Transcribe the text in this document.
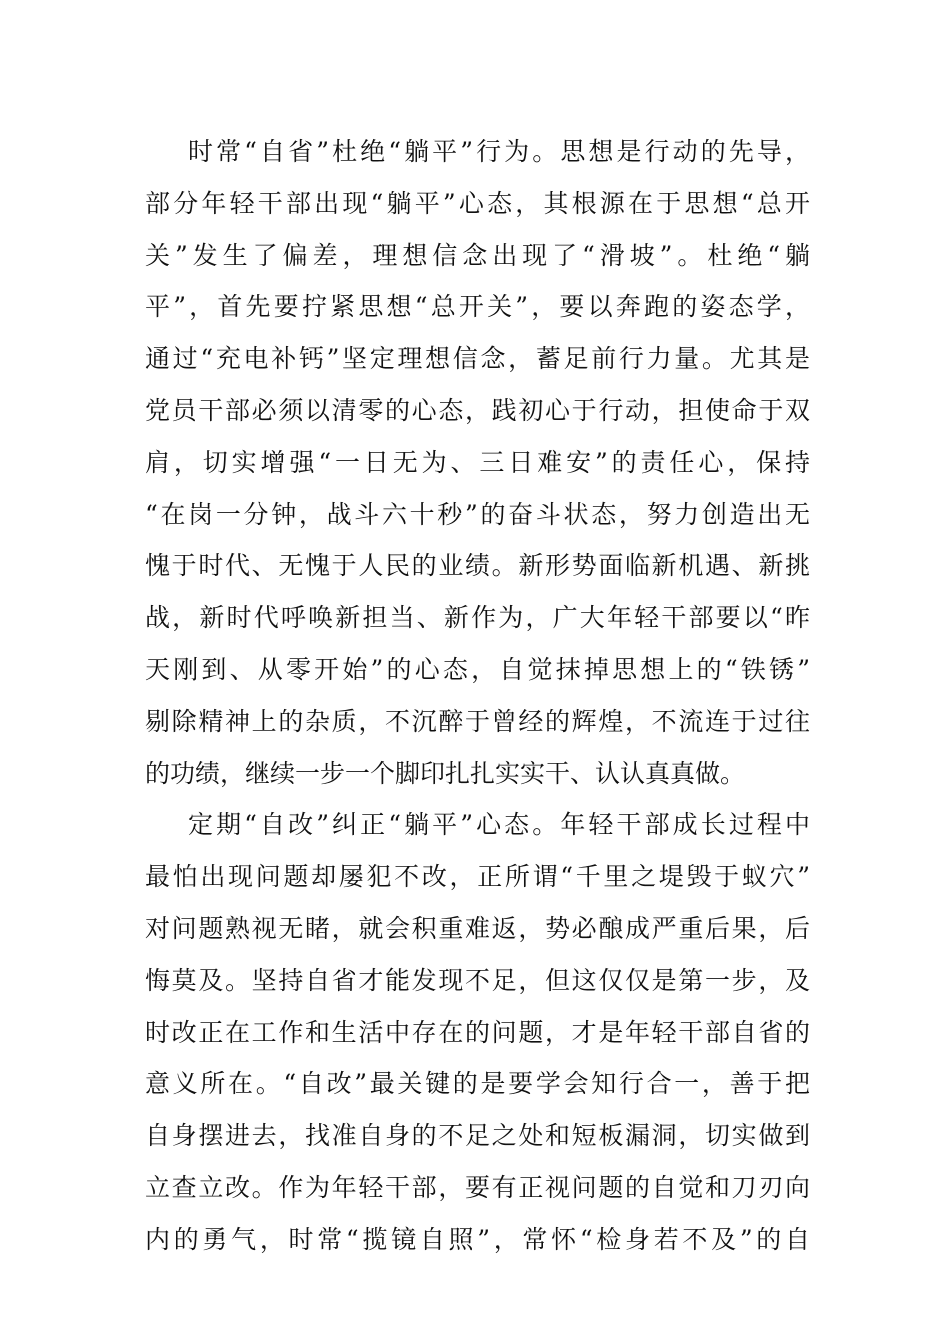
时常“自省”杜绝“躺平”行为。思想是行动的先导，
部分年轻干部出现“躺平”心态，其根源在于思想“总开
关”发生了偏差，理想信念出现了“滑坡”。杜绝“躺
平”，首先要拧紧思想“总开关”，要以奔跑的姿态学，
通过“充电补钙”坚定理想信念，蓄足前行力量。尤其是
党员干部必须以清零的心态，践初心于行动，担使命于双
肩，切实增强“一日无为、三日难安”的责任心，保持
“在岗一分钟，战斗六十秒”的奋斗状态，努力创造出无
愧于时代、无愧于人民的业绩。新形势面临新机遇、新挑
战，新时代呼唤新担当、新作为，广大年轻干部要以“昨
天刚到、从零开始”的心态，自觉抹掉思想上的“铁锈”
剔除精神上的杂质，不沉醉于曾经的辉煌，不流连于过往
的功绩，继续一步一个脚印扎扎实实干、认认真真做。
定期“自改”纠正“躺平”心态。年轻干部成长过程中
最怕出现问题却屡犯不改，正所谓“千里之堤毁于蚁穴”
对问题熟视无睹，就会积重难返，势必酿成严重后果，后
悔莫及。坚持自省才能发现不足，但这仅仅是第一步，及
时改正在工作和生活中存在的问题，才是年轻干部自省的
意义所在。“自改”最关键的是要学会知行合一，善于把
自身摆进去，找准自身的不足之处和短板漏洞，切实做到
立查立改。作为年轻干部，要有正视问题的自觉和刀刃向
内的勇气，时常“揽镜自照”，常怀“检身若不及”的自
